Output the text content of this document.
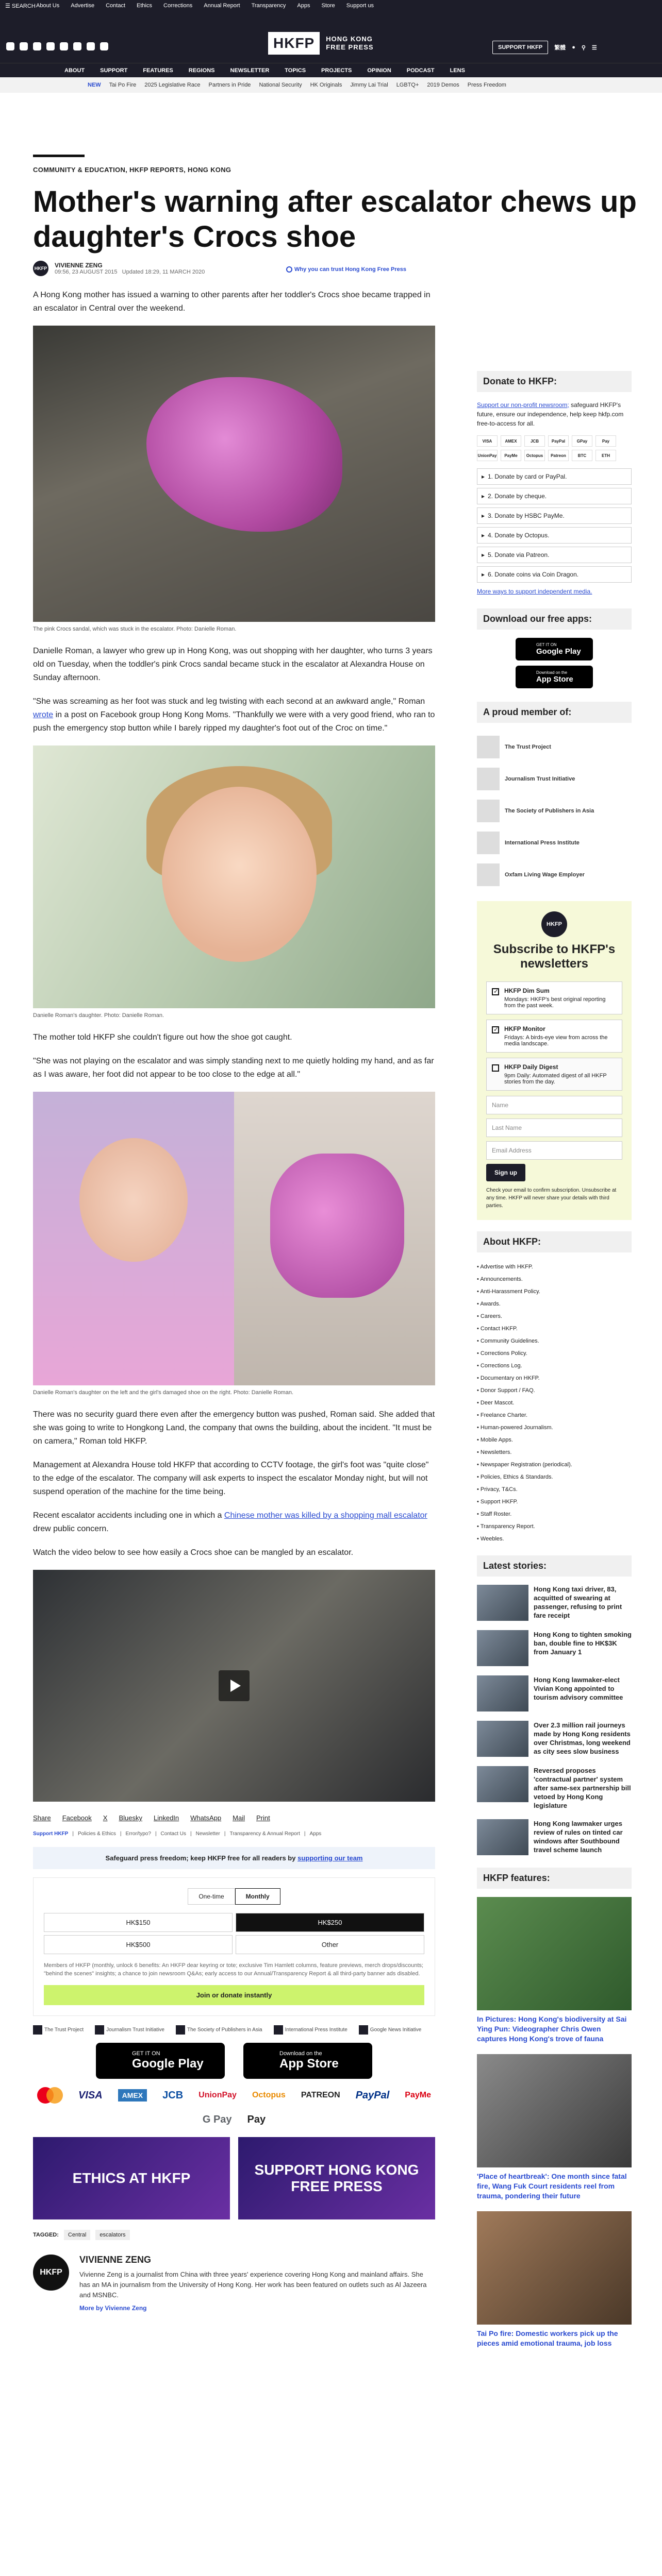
☰ SEARCH About Us Advertise Contact Ethics Corrections Annual Report Transparency Apps Store Support us
HKFP	HONG KONG
FREE PRESS	SUPPORT HKFP	繁體 ● ⚲ ☰
ABOUT	SUPPORT	FEATURES	REGIONS	NEWSLETTER	TOPICS	PROJECTS	OPINION	PODCAST	LENS
NEW Tai Po Fire 2025 Legislative Race Partners in Pride National Security HK Originals Jimmy Lai Trial LGBTQ+ 2019 Demos Press Freedom
COMMUNITY & EDUCATION, HKFP REPORTS, HONG KONG
Mother's warning after escalator chews up daughter's Crocs shoe
HKFP VIVIENNE ZENG
09:56, 23 AUGUST 2015 Updated 18:29, 11 MARCH 2020	Why you can trust Hong Kong Free Press

A Hong Kong mother has issued a warning to other parents after her toddler's Crocs shoe became trapped in an escalator in Central over the weekend.

The pink Crocs sandal, which was stuck in the escalator. Photo: Danielle Roman.

Danielle Roman, a lawyer who grew up in Hong Kong, was out shopping with her daughter, who turns 3 years old on Tuesday, when the toddler's pink Crocs sandal became stuck in the escalator at Alexandra House on Sunday afternoon.

"She was screaming as her foot was stuck and leg twisting with each second at an awkward angle," Roman wrote in a post on Facebook group Hong Kong Moms. "Thankfully we were with a very good friend, who ran to push the emergency stop button while I barely ripped my daughter's foot out of the Croc on time."

Danielle Roman's daughter. Photo: Danielle Roman.

The mother told HKFP she couldn't figure out how the shoe got caught.

"She was not playing on the escalator and was simply standing next to me quietly holding my hand, and as far as I was aware, her foot did not appear to be too close to the edge at all."

Danielle Roman's daughter on the left and the girl's damaged shoe on the right. Photo: Danielle Roman.

There was no security guard there even after the emergency button was pushed, Roman said. She added that she was going to write to Hongkong Land, the company that owns the building, about the incident. "It must be on camera," Roman told HKFP.

Management at Alexandra House told HKFP that according to CCTV footage, the girl's foot was "quite close" to the edge of the escalator. The company will ask experts to inspect the escalator Monday night, but will not suspend operation of the machine for the time being.

Recent escalator accidents including one in which a Chinese mother was killed by a shopping mall escalator drew public concern.

Watch the video below to see how easily a Crocs shoe can be mangled by an escalator.

Share Facebook X Bluesky LinkedIn WhatsApp Mail Print
Support HKFP | Policies & Ethics | Error/typo? | Contact Us | Newsletter | Transparency & Annual Report | Apps
Safeguard press freedom; keep HKFP free for all readers by supporting our team
One-time	Monthly
HK$150	HK$250
HK$500	Other
Members of HKFP (monthly, unlock 6 benefits: An HKFP dear keyring or tote; exclusive Tim Hamlett columns, feature previews, merch drops/discounts; "behind the scenes" insights; a chance to join newsroom Q&As; early access to our Annual/Transparency Report & all third-party banner ads disabled.
Join or donate instantly
The Trust Project	Journalism Trust Initiative	The Society of Publishers in Asia	International Press Institute	Google News Initiative
GET IT ON
Google Play
Download on the
App Store
VISA	AMEX	JCB UnionPay Octopus PATREON PayPal PayMe
G Pay Pay
ETHICS AT HKFP
SUPPORT HONG KONG FREE PRESS
TAGGED:	Central	escalators
HKFP
VIVIENNE ZENG

Vivienne Zeng is a journalist from China with three years' experience covering Hong Kong and mainland affairs. She has an MA in journalism from the University of Hong Kong. Her work has been featured on outlets such as Al Jazeera and MSNBC.

More by Vivienne Zeng
Donate to HKFP:
Support our non-profit newsroom; safeguard HKFP's future, ensure our independence, help keep hkfp.com free-to-access for all.
VISA	AMEX	JCB	PayPal	GPay	Pay
UnionPay	PayMe	Octopus	Patreon	BTC	ETH
1. Donate by card or PayPal. ▸
2. Donate by cheque. ▸
3. Donate by HSBC PayMe. ▸
4. Donate by Octopus. ▸
5. Donate via Patreon. ▸
6. Donate coins via Coin Dragon. ▸
More ways to support independent media.
Download our free apps:
GET IT ON
Google Play
Download on the
App Store
A proud member of:
The Trust Project
Journalism Trust Initiative
The Society of Publishers in Asia
International Press Institute
Oxfam Living Wage Employer
HKFP
Subscribe to HKFP's newsletters
✓
HKFP Dim Sum
Mondays: HKFP's best original reporting from the past week.
✓
HKFP Monitor
Fridays: A birds-eye view from across the media landscape.
HKFP Daily Digest
9pm Daily: Automated digest of all HKFP stories from the day.
Name
Last Name
Email Address
Sign up
Check your email to confirm subscription. Unsubscribe at any time. HKFP will never share your details with third parties.
About HKFP:
• Advertise with HKFP.
• Announcements.
• Anti-Harassment Policy.
• Awards.
• Careers.
• Contact HKFP.
• Community Guidelines.
• Corrections Policy.
• Corrections Log.
• Documentary on HKFP.
• Donor Support / FAQ.
• Deer Mascot.
• Freelance Charter.
• Human-powered Journalism.
• Mobile Apps.
• Newsletters.
• Newspaper Registration (periodical).
• Policies, Ethics & Standards.
• Privacy, T&Cs.
• Support HKFP.
• Staff Roster.
• Transparency Report.
• Weebles.
Latest stories:
Hong Kong taxi driver, 83, acquitted of swearing at passenger, refusing to print fare receipt
Hong Kong to tighten smoking ban, double fine to HK$3K from January 1
Hong Kong lawmaker-elect Vivian Kong appointed to tourism advisory committee
Over 2.3 million rail journeys made by Hong Kong residents over Christmas, long weekend as city sees slow business
Reversed proposes 'contractual partner' system after same-sex partnership bill vetoed by Hong Kong legislature
Hong Kong lawmaker urges review of rules on tinted car windows after Southbound travel scheme launch
HKFP features:
In Pictures: Hong Kong's biodiversity at Sai Ying Pun: Videographer Chris Owen captures Hong Kong's trove of fauna
'Place of heartbreak': One month since fatal fire, Wang Fuk Court residents reel from trauma, pondering their future
Tai Po fire: Domestic workers pick up the pieces amid emotional trauma, job loss
